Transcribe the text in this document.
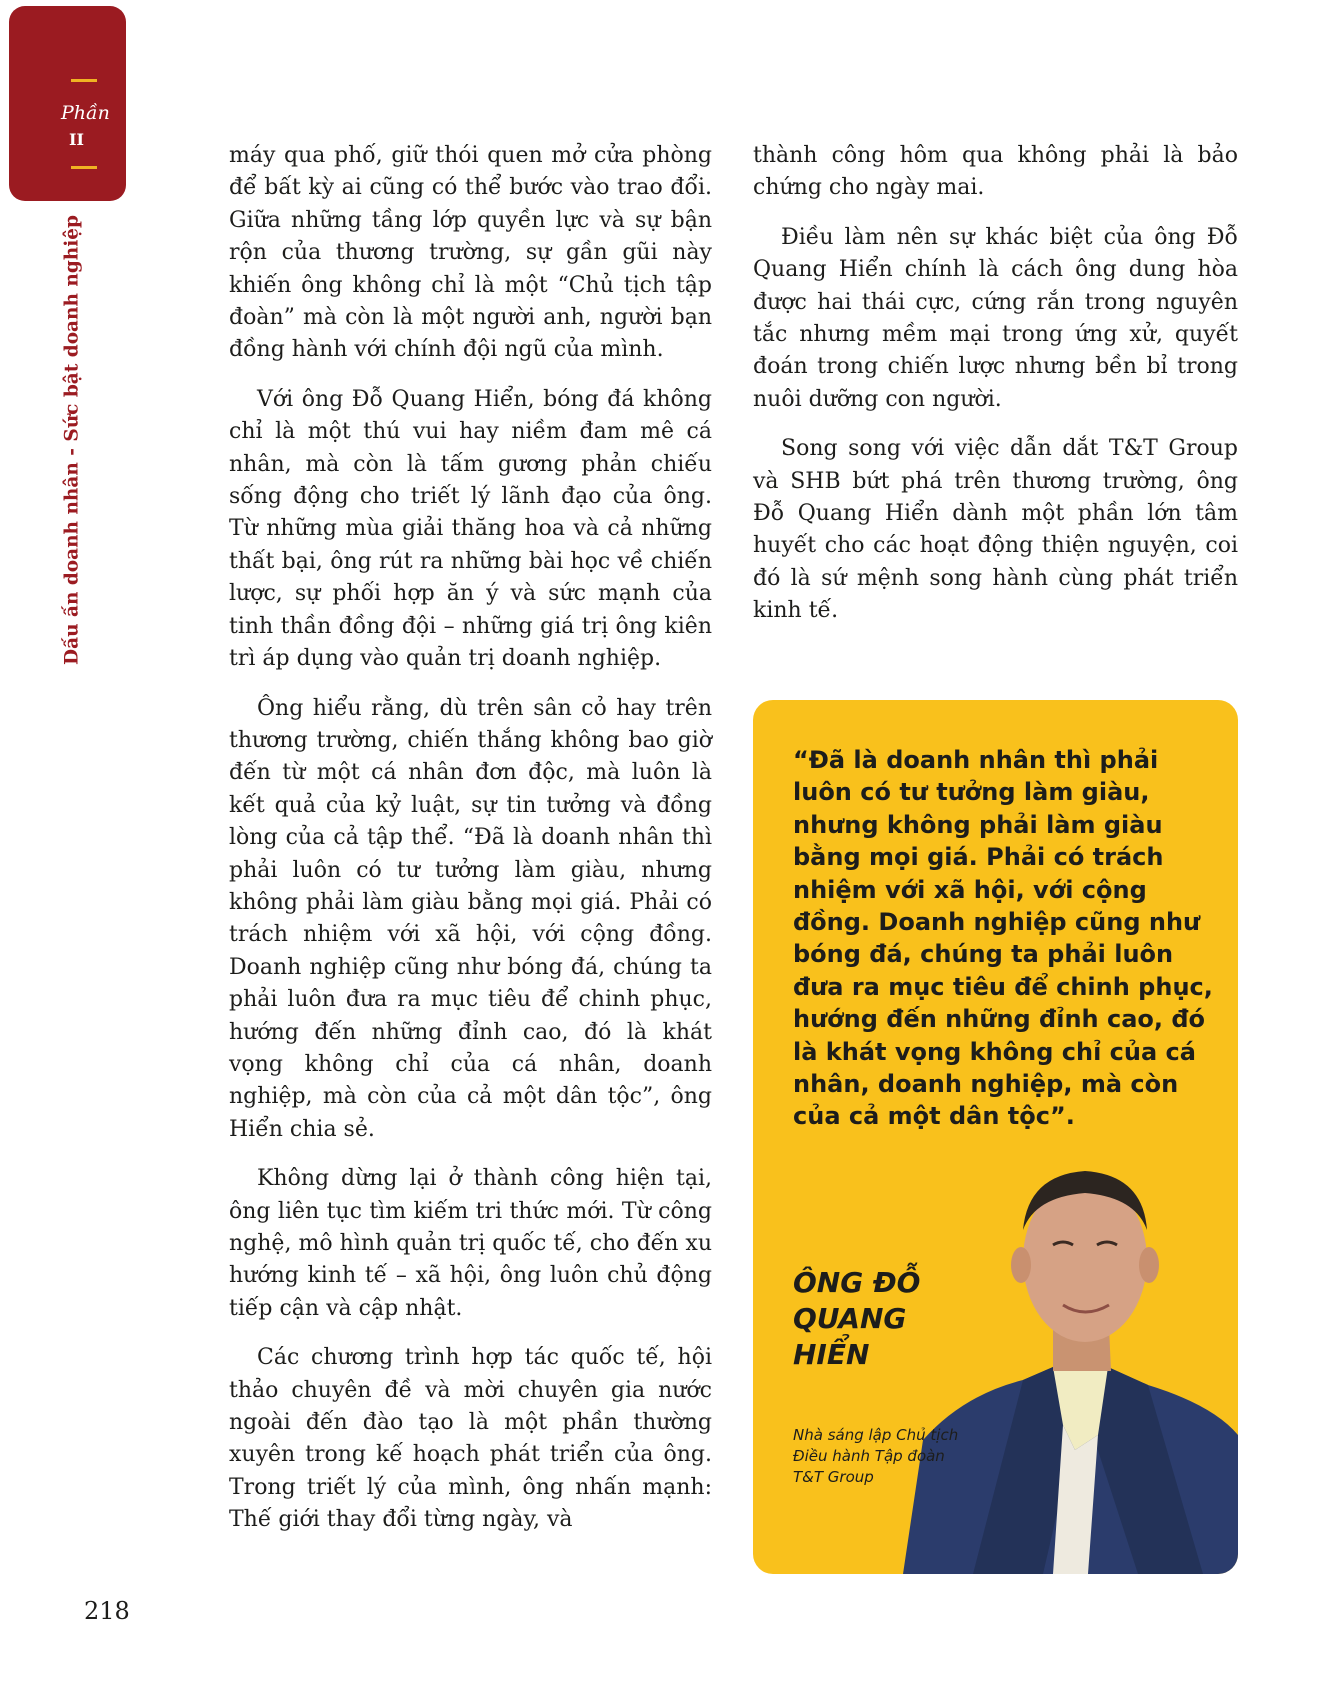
Phần
II
Dấu ấn doanh nhân - Sức bật doanh nghiệp

máy qua phố, giữ thói quen mở cửa phòng để bất kỳ ai cũng có thể bước vào trao đổi. Giữa những tầng lớp quyền lực và sự bận rộn của thương trường, sự gần gũi này khiến ông không chỉ là một “Chủ tịch tập đoàn” mà còn là một người anh, người bạn đồng hành với chính đội ngũ của mình.

Với ông Đỗ Quang Hiển, bóng đá không chỉ là một thú vui hay niềm đam mê cá nhân, mà còn là tấm gương phản chiếu sống động cho triết lý lãnh đạo của ông. Từ những mùa giải thăng hoa và cả những thất bại, ông rút ra những bài học về chiến lược, sự phối hợp ăn ý và sức mạnh của tinh thần đồng đội – những giá trị ông kiên trì áp dụng vào quản trị doanh nghiệp.

Ông hiểu rằng, dù trên sân cỏ hay trên thương trường, chiến thắng không bao giờ đến từ một cá nhân đơn độc, mà luôn là kết quả của kỷ luật, sự tin tưởng và đồng lòng của cả tập thể. “Đã là doanh nhân thì phải luôn có tư tưởng làm giàu, nhưng không phải làm giàu bằng mọi giá. Phải có trách nhiệm với xã hội, với cộng đồng. Doanh nghiệp cũng như bóng đá, chúng ta phải luôn đưa ra mục tiêu để chinh phục, hướng đến những đỉnh cao, đó là khát vọng không chỉ của cá nhân, doanh nghiệp, mà còn của cả một dân tộc”, ông Hiển chia sẻ.

Không dừng lại ở thành công hiện tại, ông liên tục tìm kiếm tri thức mới. Từ công nghệ, mô hình quản trị quốc tế, cho đến xu hướng kinh tế – xã hội, ông luôn chủ động tiếp cận và cập nhật.

Các chương trình hợp tác quốc tế, hội thảo chuyên đề và mời chuyên gia nước ngoài đến đào tạo là một phần thường xuyên trong kế hoạch phát triển của ông. Trong triết lý của mình, ông nhấn mạnh: Thế giới thay đổi từng ngày, và

thành công hôm qua không phải là bảo chứng cho ngày mai.

Điều làm nên sự khác biệt của ông Đỗ Quang Hiển chính là cách ông dung hòa được hai thái cực, cứng rắn trong nguyên tắc nhưng mềm mại trong ứng xử, quyết đoán trong chiến lược nhưng bền bỉ trong nuôi dưỡng con người.

Song song với việc dẫn dắt T&T Group và SHB bứt phá trên thương trường, ông Đỗ Quang Hiển dành một phần lớn tâm huyết cho các hoạt động thiện nguyện, coi đó là sứ mệnh song hành cùng phát triển kinh tế.

“Đã là doanh nhân thì phải luôn có tư tưởng làm giàu, nhưng không phải làm giàu bằng mọi giá. Phải có trách nhiệm với xã hội, với cộng đồng. Doanh nghiệp cũng như bóng đá, chúng ta phải luôn đưa ra mục tiêu để chinh phục, hướng đến những đỉnh cao, đó là khát vọng không chỉ của cá nhân, doanh nghiệp, mà còn của cả một dân tộc”.
ÔNG ĐỖ QUANG HIỂN
Nhà sáng lập Chủ tịch Điều hành Tập đoàn T&T Group
218
